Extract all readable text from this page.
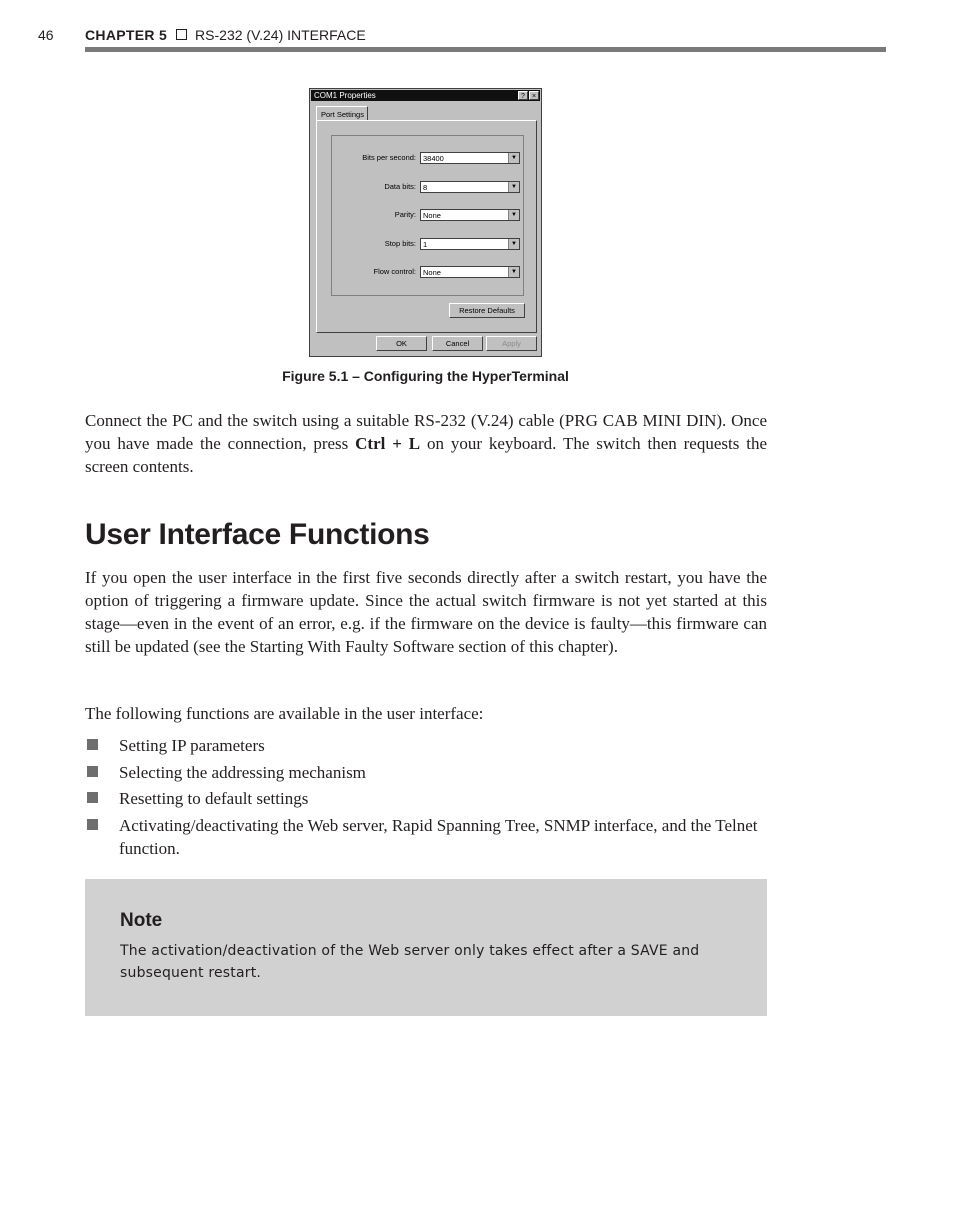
46 CHAPTER 5 RS-232 (V.24) INTERFACE
COM1 Properties	?	×
Port Settings
Bits per second: 38400	▼
Data bits: 8	▼
Parity: None	▼
Stop bits: 1	▼
Flow control: None	▼
Restore Defaults
OK	Cancel	Apply
Figure 5.1 – Configuring the HyperTerminal

Connect the PC and the switch using a suitable RS-232 (V.24) cable (PRG CAB MINI DIN). Once you have made the connection, press Ctrl + L on your keyboard. The switch then requests the screen contents.

User Interface Functions

If you open the user interface in the first five seconds directly after a switch restart, you have the option of triggering a firmware update. Since the actual switch firmware is not yet started at this stage—even in the event of an error, e.g. if the firmware on the device is faulty—this firmware can still be updated (see the Starting With Faulty Software section of this chapter).

The following functions are available in the user interface:

Setting IP parameters
Selecting the addressing mechanism
Resetting to default settings
Activating/deactivating the Web server, Rapid Spanning Tree, SNMP interface, and the Telnet function.
Note

The activation/deactivation of the Web server only takes effect after a SAVE and subsequent restart.
